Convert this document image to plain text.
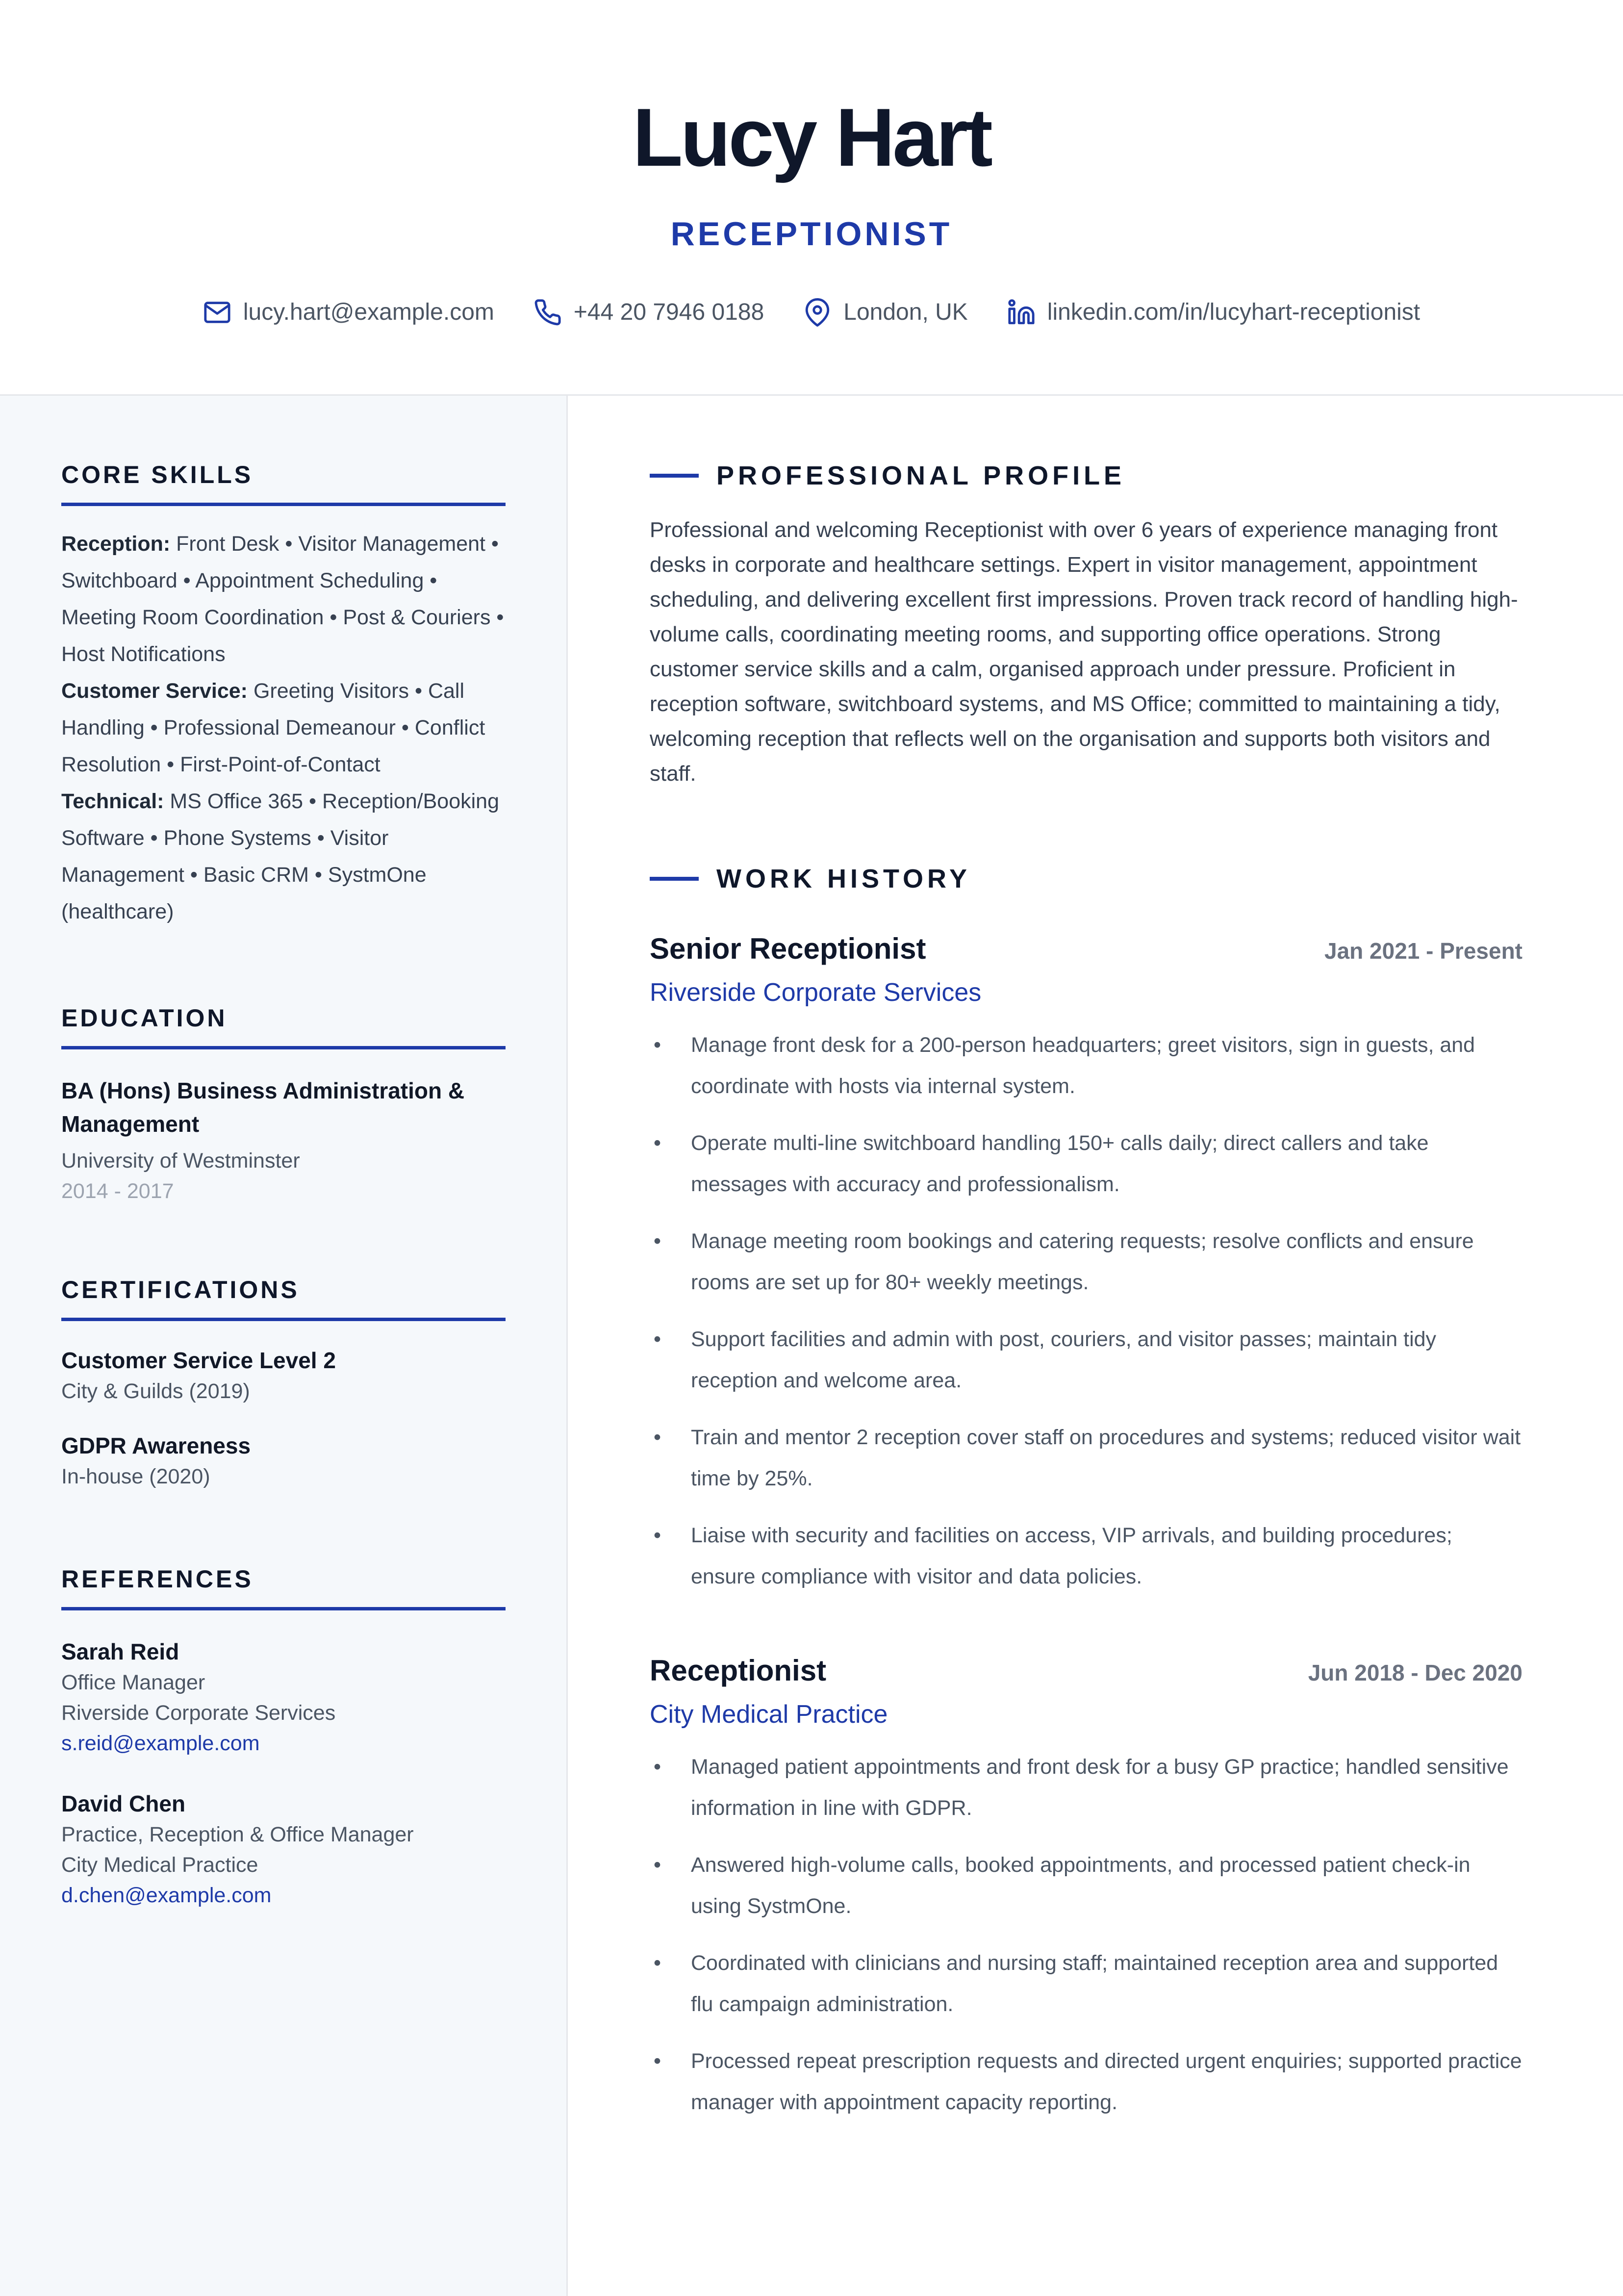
Lucy Hart
RECEPTIONIST
lucy.hart@example.com	+44 20 7946 0188	London, UK	linkedin.com/in/lucyhart-receptionist
CORE SKILLS
Reception: Front Desk • Visitor Management • Switchboard • Appointment Scheduling • Meeting Room Coordination • Post & Couriers • Host Notifications
Customer Service: Greeting Visitors • Call Handling • Professional Demeanour • Conflict Resolution • First-Point-of-Contact
Technical: MS Office 365 • Reception/Booking Software • Phone Systems • Visitor Management • Basic CRM • SystmOne (healthcare)
EDUCATION
BA (Hons) Business Administration & Management
University of Westminster
2014 - 2017
CERTIFICATIONS
Customer Service Level 2
City & Guilds (2019)
GDPR Awareness
In-house (2020)
REFERENCES
Sarah Reid
Office Manager
Riverside Corporate Services
s.reid@example.com
David Chen
Practice, Reception & Office Manager
City Medical Practice
d.chen@example.com
PROFESSIONAL PROFILE
Professional and welcoming Receptionist with over 6 years of experience managing front desks in corporate and healthcare settings. Expert in visitor management, appointment scheduling, and delivering excellent first impressions. Proven track record of handling high-volume calls, coordinating meeting rooms, and supporting office operations. Strong customer service skills and a calm, organised approach under pressure. Proficient in reception software, switchboard systems, and MS Office; committed to maintaining a tidy, welcoming reception that reflects well on the organisation and supports both visitors and staff.
WORK HISTORY
Senior Receptionist	Jan 2021 - Present
Riverside Corporate Services
• Manage front desk for a 200-person headquarters; greet visitors, sign in guests, and coordinate with hosts via internal system.
• Operate multi-line switchboard handling 150+ calls daily; direct callers and take messages with accuracy and professionalism.
• Manage meeting room bookings and catering requests; resolve conflicts and ensure rooms are set up for 80+ weekly meetings.
• Support facilities and admin with post, couriers, and visitor passes; maintain tidy reception and welcome area.
• Train and mentor 2 reception cover staff on procedures and systems; reduced visitor wait time by 25%.
• Liaise with security and facilities on access, VIP arrivals, and building procedures; ensure compliance with visitor and data policies.
Receptionist	Jun 2018 - Dec 2020
City Medical Practice
• Managed patient appointments and front desk for a busy GP practice; handled sensitive information in line with GDPR.
• Answered high-volume calls, booked appointments, and processed patient check-in using SystmOne.
• Coordinated with clinicians and nursing staff; maintained reception area and supported flu campaign administration.
• Processed repeat prescription requests and directed urgent enquiries; supported practice manager with appointment capacity reporting.
